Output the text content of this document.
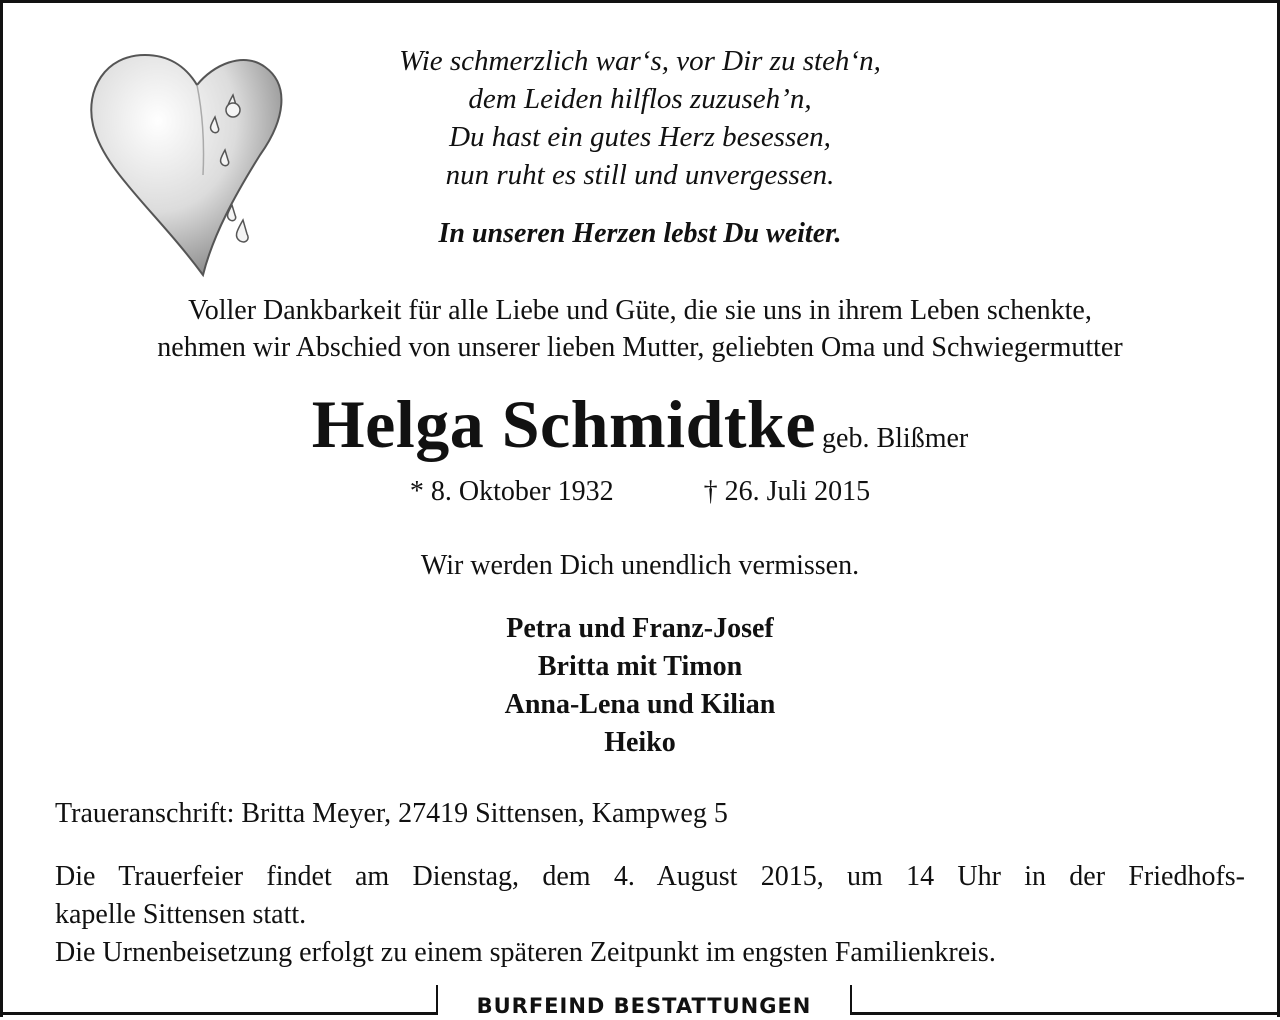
Wie schmerzlich war‘s, vor Dir zu steh‘n,
dem Leiden hilflos zuzuseh’n,
Du hast ein gutes Herz besessen,
nun ruht es still und unvergessen.
In unseren Herzen lebst Du weiter.
Voller Dankbarkeit für alle Liebe und Güte, die sie uns in ihrem Leben schenkte,
nehmen wir Abschied von unserer lieben Mutter, geliebten Oma und Schwiegermutter
Helga Schmidtke geb. Blißmer
* 8. Oktober 1932	† 26. Juli 2015
Wir werden Dich unendlich vermissen.
Petra und Franz-Josef
Britta mit Timon
Anna-Lena und Kilian
Heiko
Traueranschrift: Britta Meyer, 27419 Sittensen, Kampweg 5

Die Trauerfeier findet am Dienstag, dem 4. August 2015, um 14 Uhr in der Friedhofs-

kapelle Sittensen statt.

Die Urnenbeisetzung erfolgt zu einem späteren Zeitpunkt im engsten Familienkreis.

BURFEIND BESTATTUNGEN
